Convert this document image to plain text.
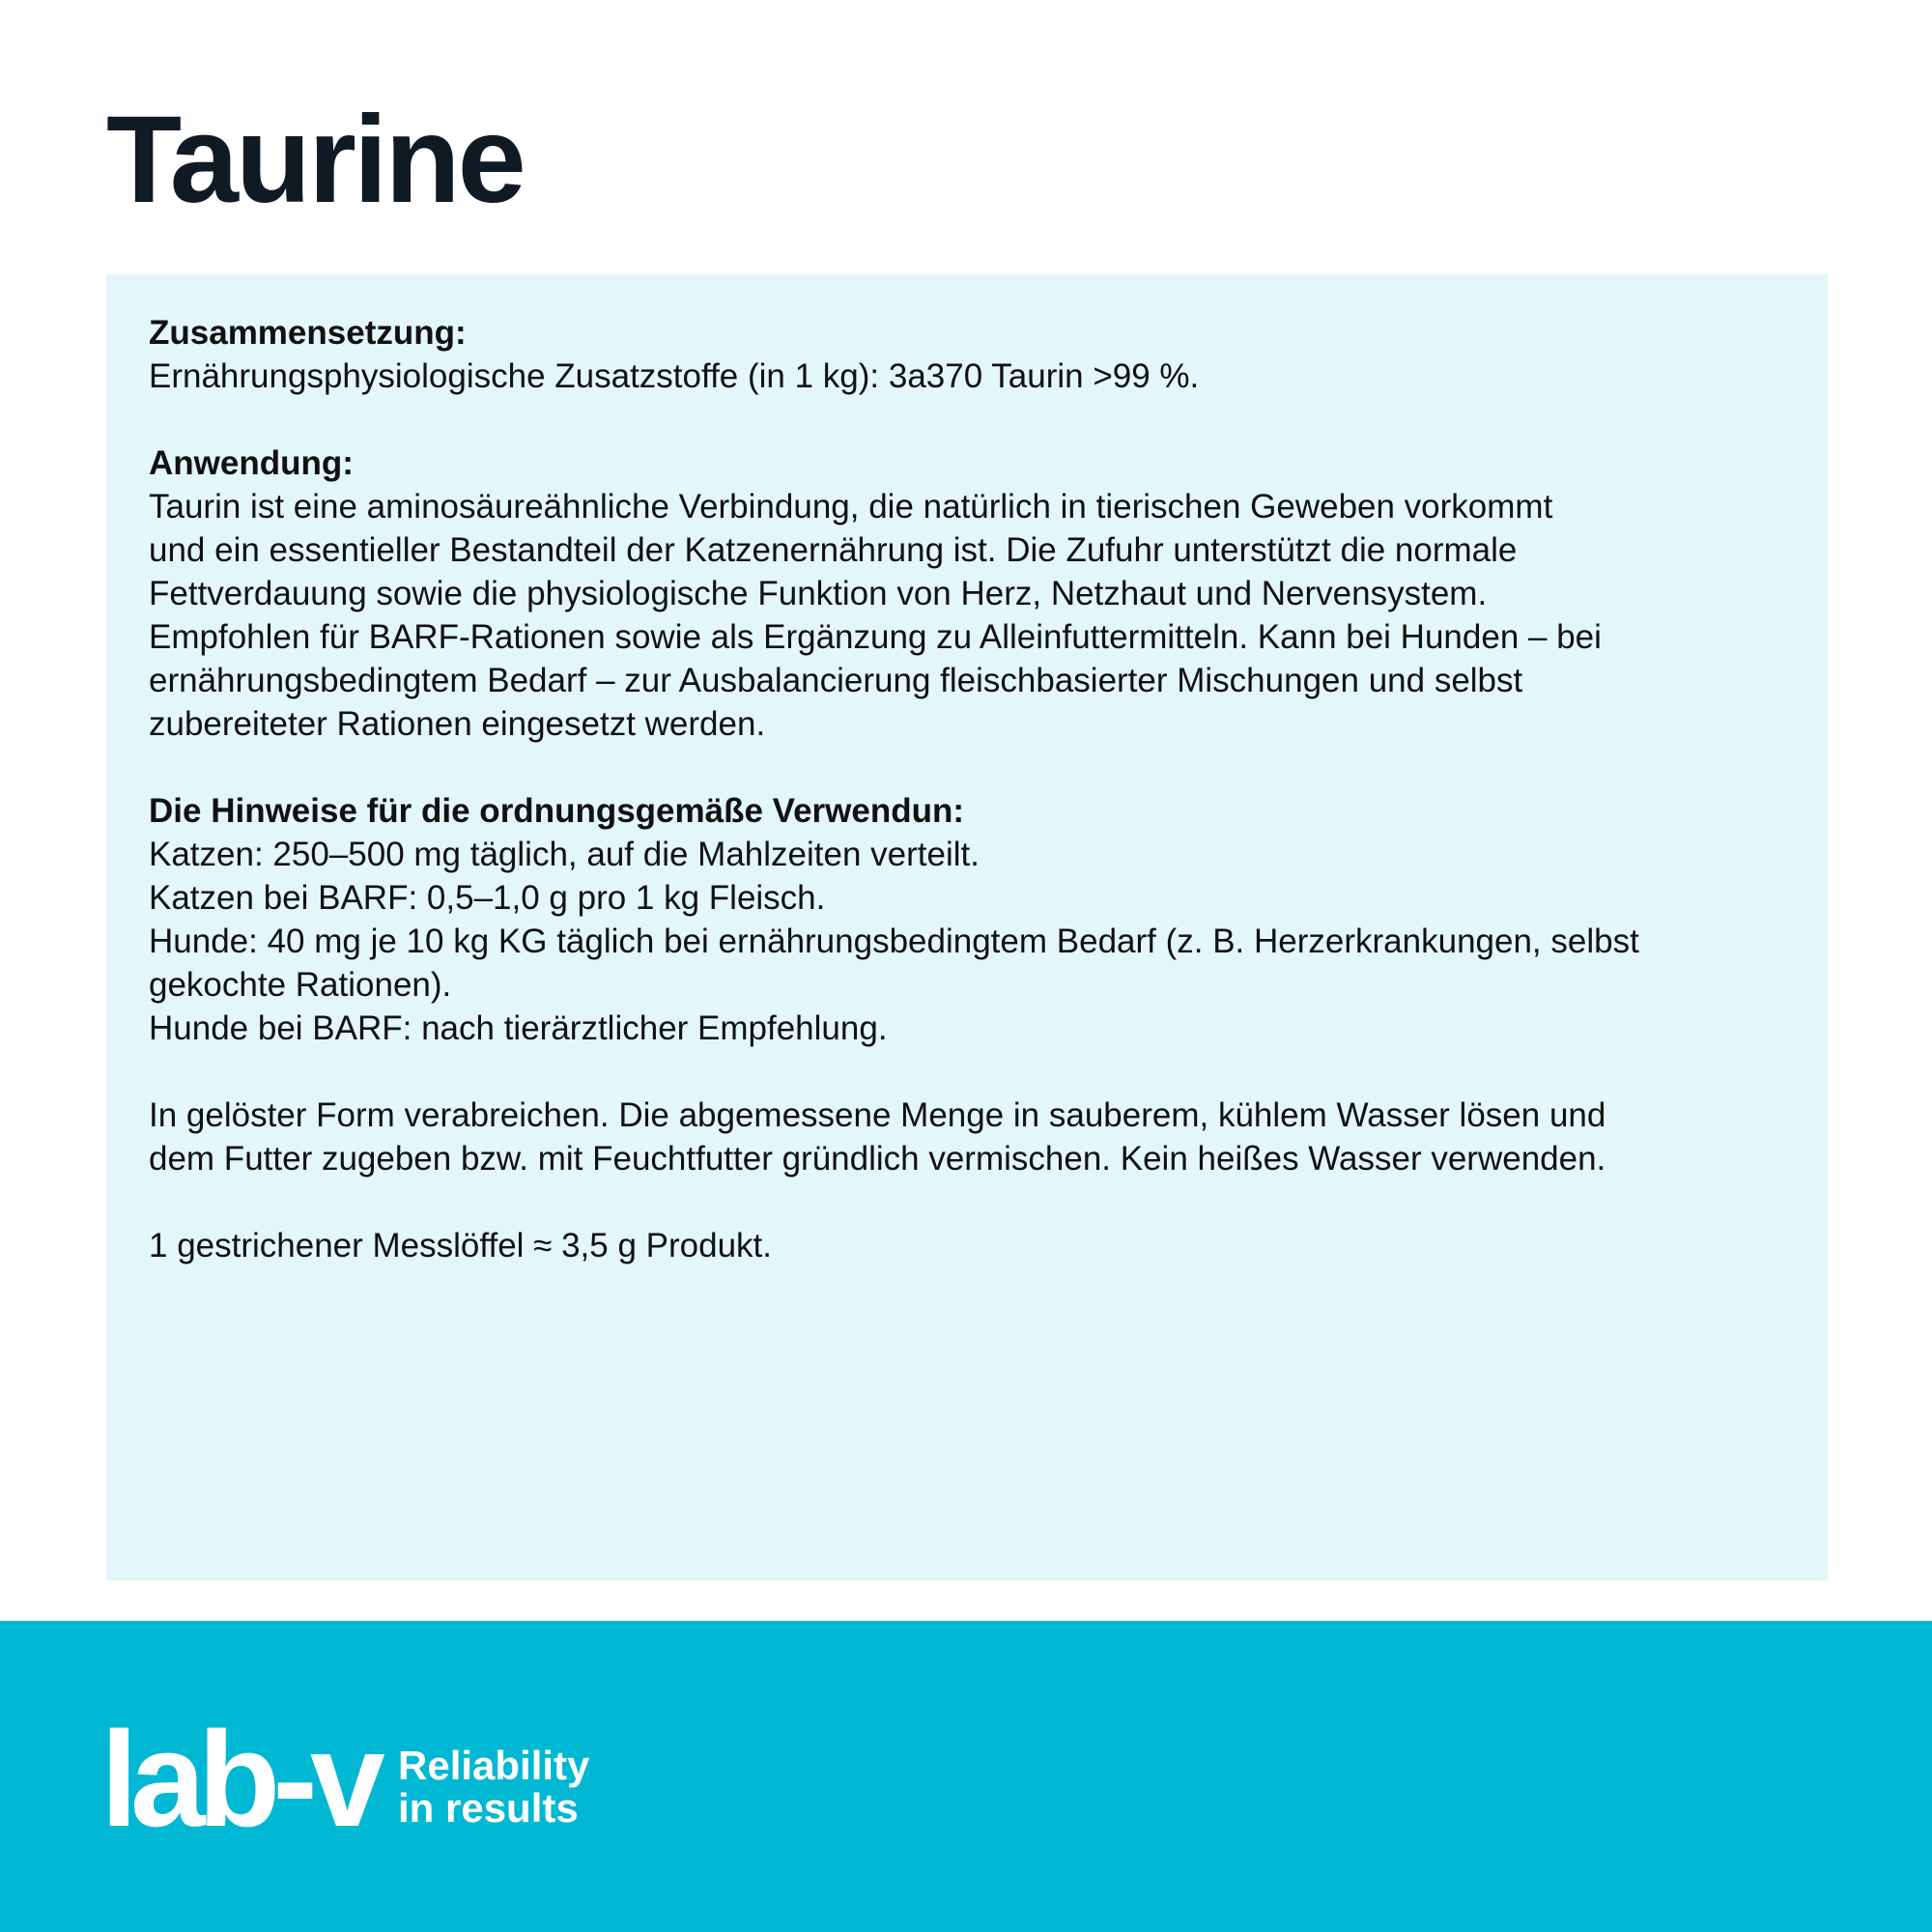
Taurine
Zusammensetzung:
Ernährungsphysiologische Zusatzstoffe (in 1 kg): 3a370 Taurin >99 %.
Anwendung:
Taurin ist eine aminosäureähnliche Verbindung, die natürlich in tierischen Geweben vorkommt
und ein essentieller Bestandteil der Katzenernährung ist. Die Zufuhr unterstützt die normale
Fettverdauung sowie die physiologische Funktion von Herz, Netzhaut und Nervensystem.
Empfohlen für BARF-Rationen sowie als Ergänzung zu Alleinfuttermitteln. Kann bei Hunden – bei
ernährungsbedingtem Bedarf – zur Ausbalancierung fleischbasierter Mischungen und selbst
zubereiteter Rationen eingesetzt werden.
Die Hinweise für die ordnungsgemäße Verwendun:
Katzen: 250–500 mg täglich, auf die Mahlzeiten verteilt.
Katzen bei BARF: 0,5–1,0 g pro 1 kg Fleisch.
Hunde: 40 mg je 10 kg KG täglich bei ernährungsbedingtem Bedarf (z. B. Herzerkrankungen, selbst
gekochte Rationen).
Hunde bei BARF: nach tierärztlicher Empfehlung.
In gelöster Form verabreichen. Die abgemessene Menge in sauberem, kühlem Wasser lösen und
dem Futter zugeben bzw. mit Feuchtfutter gründlich vermischen. Kein heißes Wasser verwenden.
1 gestrichener Messlöffel ≈ 3,5 g Produkt.
lab-v Reliability
in results
